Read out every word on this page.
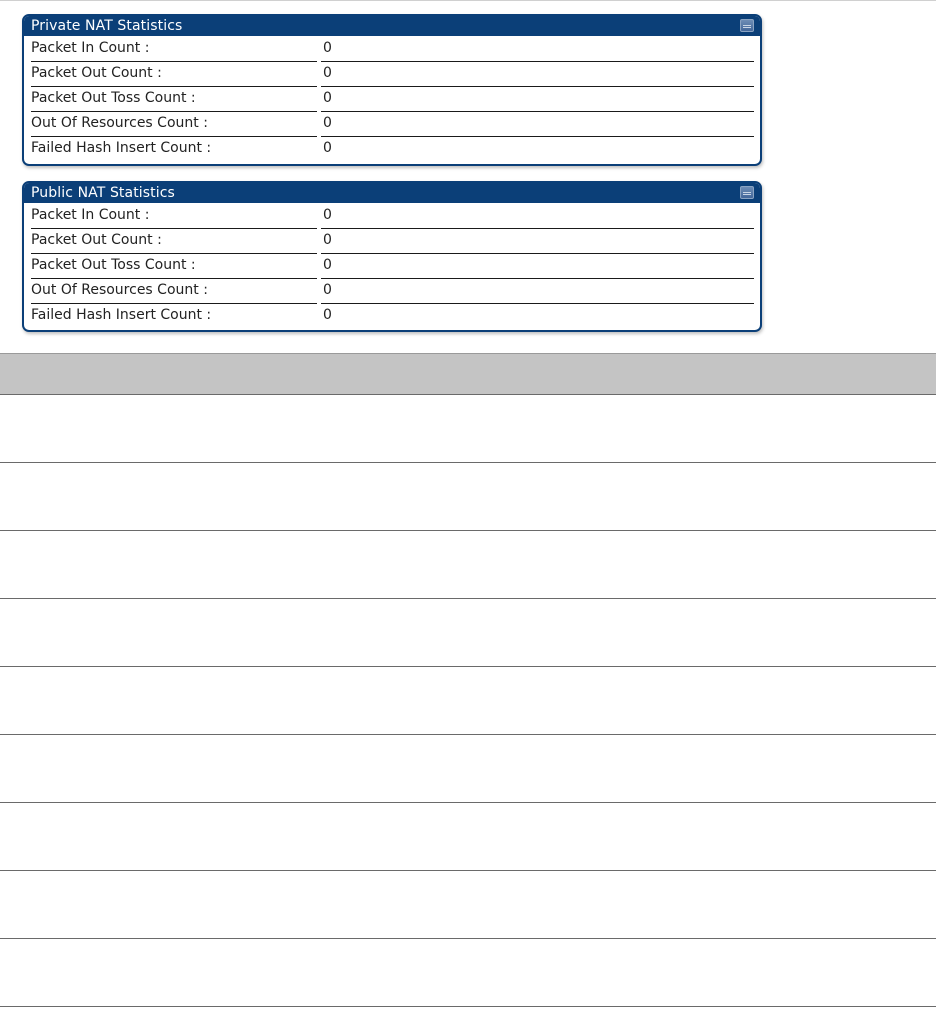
Private NAT Statistics
Packet In Count :	0
Packet Out Count :	0
Packet Out Toss Count :	0
Out Of Resources Count :	0
Failed Hash Insert Count :	0
Public NAT Statistics
Packet In Count :	0
Packet Out Count :	0
Packet Out Toss Count :	0
Out Of Resources Count :	0
Failed Hash Insert Count :	0
